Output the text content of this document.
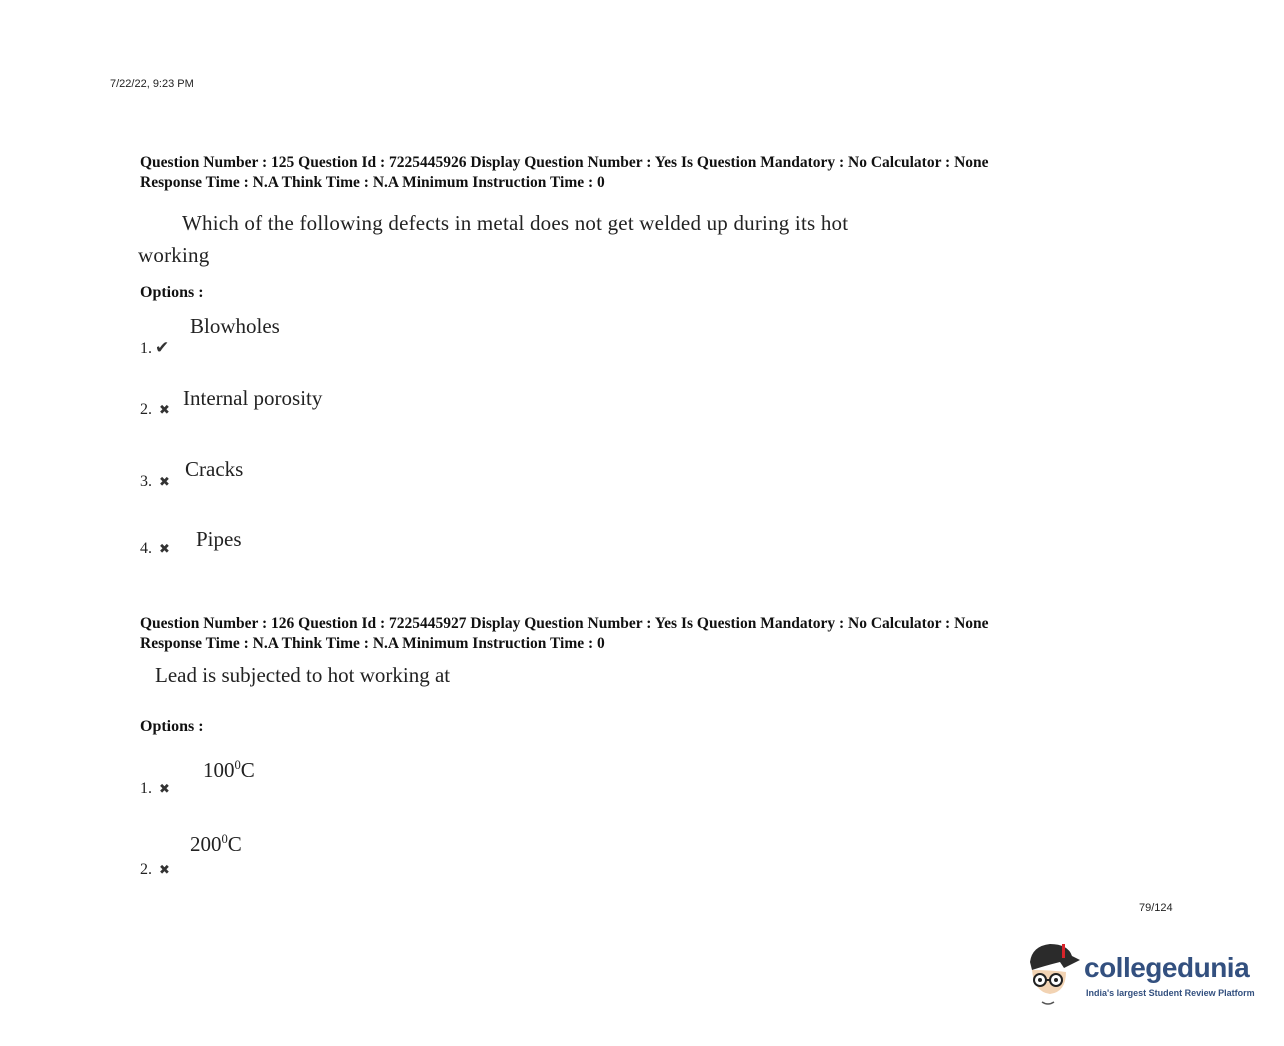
7/22/22, 9:23 PM
Question Number : 125 Question Id : 7225445926 Display Question Number : Yes Is Question Mandatory : No Calculator : None
Response Time : N.A Think Time : N.A Minimum Instruction Time : 0
Which of the following defects in metal does not get welded up during its hot
working
Options :
Blowholes
1. ✔
Internal porosity
2. ✖
Cracks
3. ✖
Pipes
4. ✖
Question Number : 126 Question Id : 7225445927 Display Question Number : Yes Is Question Mandatory : No Calculator : None
Response Time : N.A Think Time : N.A Minimum Instruction Time : 0
Lead is subjected to hot working at
Options :
$100^0C$
1. ✖
$200^0C$
2. ✖
79/124
collegedunia
India's largest Student Review Platform
